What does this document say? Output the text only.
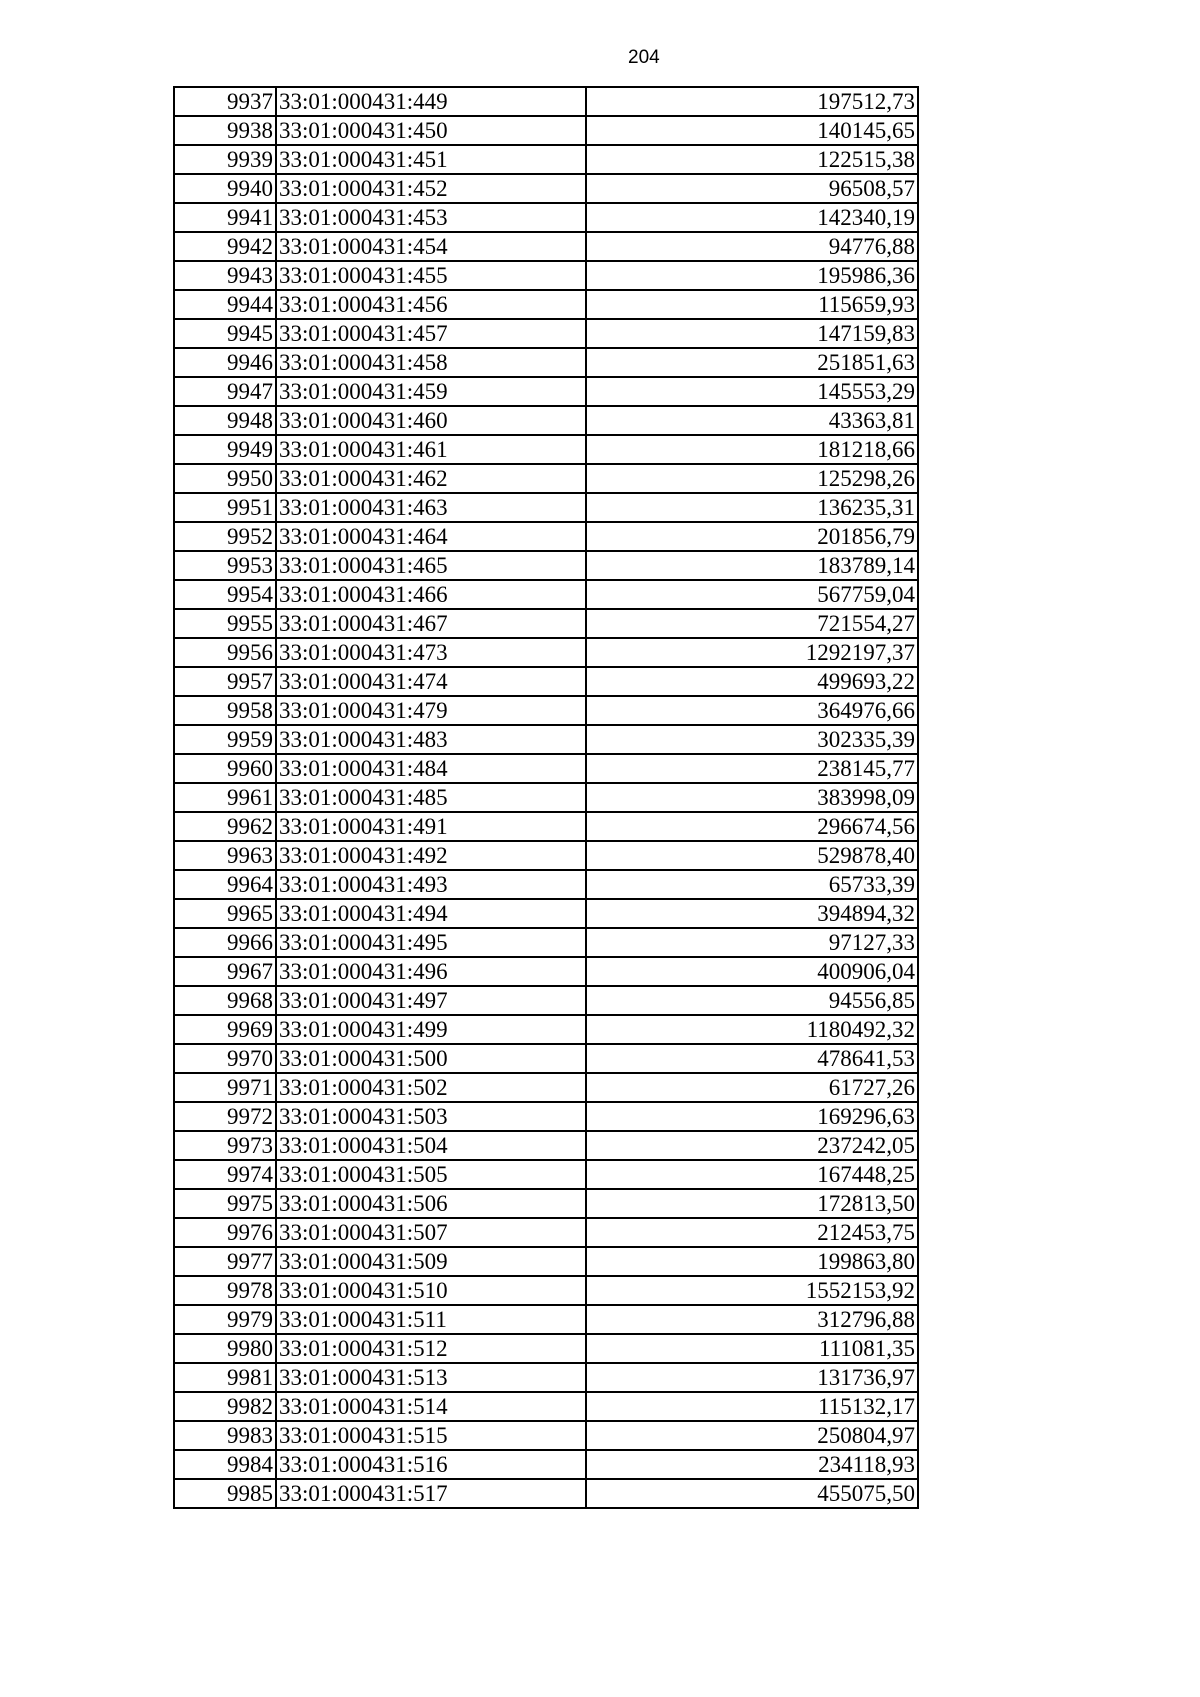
204
9937	33:01:000431:449	197512,73
9938	33:01:000431:450	140145,65
9939	33:01:000431:451	122515,38
9940	33:01:000431:452	96508,57
9941	33:01:000431:453	142340,19
9942	33:01:000431:454	94776,88
9943	33:01:000431:455	195986,36
9944	33:01:000431:456	115659,93
9945	33:01:000431:457	147159,83
9946	33:01:000431:458	251851,63
9947	33:01:000431:459	145553,29
9948	33:01:000431:460	43363,81
9949	33:01:000431:461	181218,66
9950	33:01:000431:462	125298,26
9951	33:01:000431:463	136235,31
9952	33:01:000431:464	201856,79
9953	33:01:000431:465	183789,14
9954	33:01:000431:466	567759,04
9955	33:01:000431:467	721554,27
9956	33:01:000431:473	1292197,37
9957	33:01:000431:474	499693,22
9958	33:01:000431:479	364976,66
9959	33:01:000431:483	302335,39
9960	33:01:000431:484	238145,77
9961	33:01:000431:485	383998,09
9962	33:01:000431:491	296674,56
9963	33:01:000431:492	529878,40
9964	33:01:000431:493	65733,39
9965	33:01:000431:494	394894,32
9966	33:01:000431:495	97127,33
9967	33:01:000431:496	400906,04
9968	33:01:000431:497	94556,85
9969	33:01:000431:499	1180492,32
9970	33:01:000431:500	478641,53
9971	33:01:000431:502	61727,26
9972	33:01:000431:503	169296,63
9973	33:01:000431:504	237242,05
9974	33:01:000431:505	167448,25
9975	33:01:000431:506	172813,50
9976	33:01:000431:507	212453,75
9977	33:01:000431:509	199863,80
9978	33:01:000431:510	1552153,92
9979	33:01:000431:511	312796,88
9980	33:01:000431:512	111081,35
9981	33:01:000431:513	131736,97
9982	33:01:000431:514	115132,17
9983	33:01:000431:515	250804,97
9984	33:01:000431:516	234118,93
9985	33:01:000431:517	455075,50
